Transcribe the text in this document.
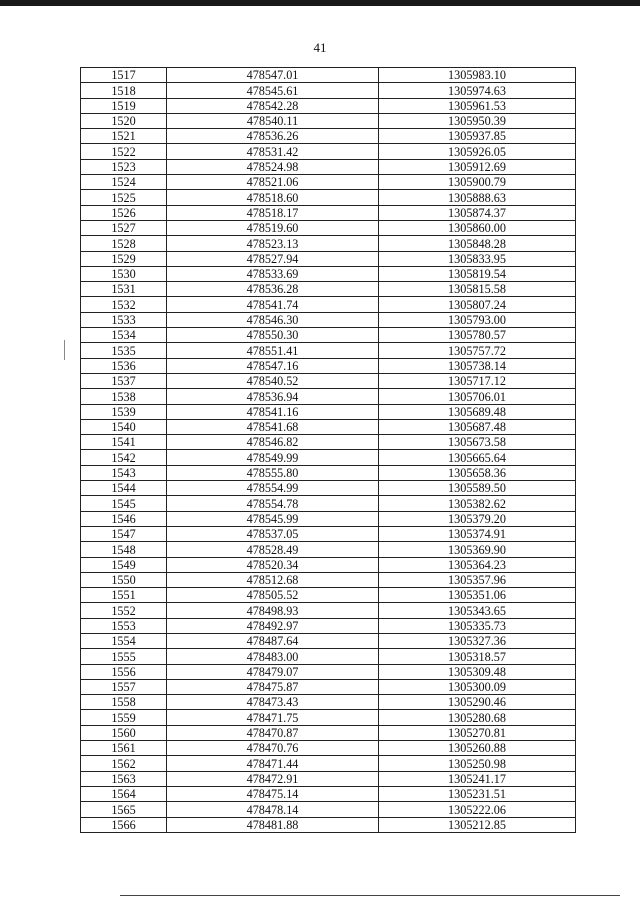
41
1517	478547.01	1305983.10
1518	478545.61	1305974.63
1519	478542.28	1305961.53
1520	478540.11	1305950.39
1521	478536.26	1305937.85
1522	478531.42	1305926.05
1523	478524.98	1305912.69
1524	478521.06	1305900.79
1525	478518.60	1305888.63
1526	478518.17	1305874.37
1527	478519.60	1305860.00
1528	478523.13	1305848.28
1529	478527.94	1305833.95
1530	478533.69	1305819.54
1531	478536.28	1305815.58
1532	478541.74	1305807.24
1533	478546.30	1305793.00
1534	478550.30	1305780.57
1535	478551.41	1305757.72
1536	478547.16	1305738.14
1537	478540.52	1305717.12
1538	478536.94	1305706.01
1539	478541.16	1305689.48
1540	478541.68	1305687.48
1541	478546.82	1305673.58
1542	478549.99	1305665.64
1543	478555.80	1305658.36
1544	478554.99	1305589.50
1545	478554.78	1305382.62
1546	478545.99	1305379.20
1547	478537.05	1305374.91
1548	478528.49	1305369.90
1549	478520.34	1305364.23
1550	478512.68	1305357.96
1551	478505.52	1305351.06
1552	478498.93	1305343.65
1553	478492.97	1305335.73
1554	478487.64	1305327.36
1555	478483.00	1305318.57
1556	478479.07	1305309.48
1557	478475.87	1305300.09
1558	478473.43	1305290.46
1559	478471.75	1305280.68
1560	478470.87	1305270.81
1561	478470.76	1305260.88
1562	478471.44	1305250.98
1563	478472.91	1305241.17
1564	478475.14	1305231.51
1565	478478.14	1305222.06
1566	478481.88	1305212.85
